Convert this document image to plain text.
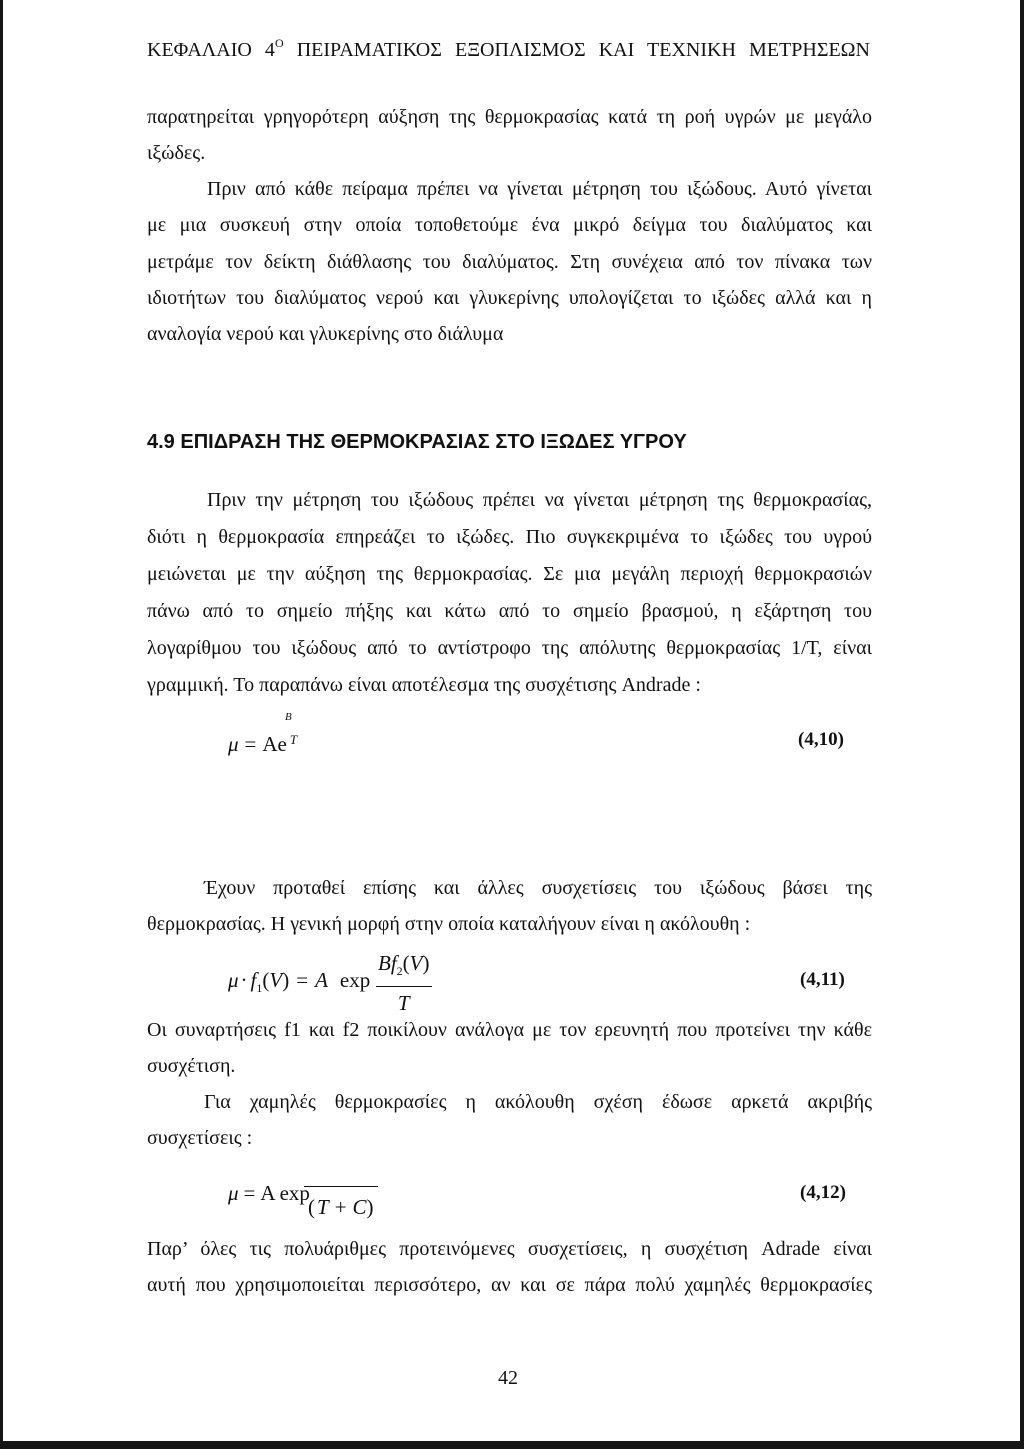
ΚΕΦΑΛΑΙΟ $4^O$ ΠΕΙΡΑΜΑΤΙΚΟΣ ΕΞΟΠΛΙΣΜΟΣ ΚΑΙ ΤΕΧΝΙΚΗ ΜΕΤΡΗΣΕΩΝ
παρατηρείται γρηγορότερη αύξηση της θερμοκρασίας κατά τη ροή υγρών με μεγάλο
ιξώδες.
Πριν από κάθε πείραμα πρέπει να γίνεται μέτρηση του ιξώδους. Αυτό γίνεται
με μια συσκευή στην οποία τοποθετούμε ένα μικρό δείγμα του διαλύματος και
μετράμε τον δείκτη διάθλασης του διαλύματος. Στη συνέχεια από τον πίνακα των
ιδιοτήτων του διαλύματος νερού και γλυκερίνης υπολογίζεται το ιξώδες αλλά και η
αναλογία νερού και γλυκερίνης στο διάλυμα
4.9 ΕΠΙΔΡΑΣΗ ΤΗΣ ΘΕΡΜΟΚΡΑΣΙΑΣ ΣΤΟ ΙΞΩΔΕΣ ΥΓΡΟΥ
Πριν την μέτρηση του ιξώδους πρέπει να γίνεται μέτρηση της θερμοκρασίας,
διότι η θερμοκρασία επηρεάζει το ιξώδες. Πιο συγκεκριμένα το ιξώδες του υγρού
μειώνεται με την αύξηση της θερμοκρασίας. Σε μια μεγάλη περιοχή θερμοκρασιών
πάνω από το σημείο πήξης και κάτω από το σημείο βρασμού, η εξάρτηση του
λογαρίθμου του ιξώδους από το αντίστροφο της απόλυτης θερμοκρασίας 1/T, είναι
γραμμική. Το παραπάνω είναι αποτέλεσμα της συσχέτισης Andrade :
μ = Ae T
B
(4,10)
Έχουν προταθεί επίσης και άλλες συσχετίσεις του ιξώδους βάσει της
θερμοκρασίας. Η γενική μορφή στην οποία καταλήγουν είναι η ακόλουθη :
μ· f1(V) = A $\exp \frac{Bf2(V)}{T}$	(4,11)
Οι συναρτήσεις f1 και f2 ποικίλουν ανάλογα με τον ερευνητή που προτείνει την κάθε
συσχέτιση.
Για χαμηλές θερμοκρασίες η ακόλουθη σχέση έδωσε αρκετά ακριβής
συσχετίσεις :
μ = A exp
(T + C)
(4,12)
Παρ’ όλες τις πολυάριθμες προτεινόμενες συσχετίσεις, η συσχέτιση Adrade είναι
αυτή που χρησιμοποιείται περισσότερο, αν και σε πάρα πολύ χαμηλές θερμοκρασίες
42
